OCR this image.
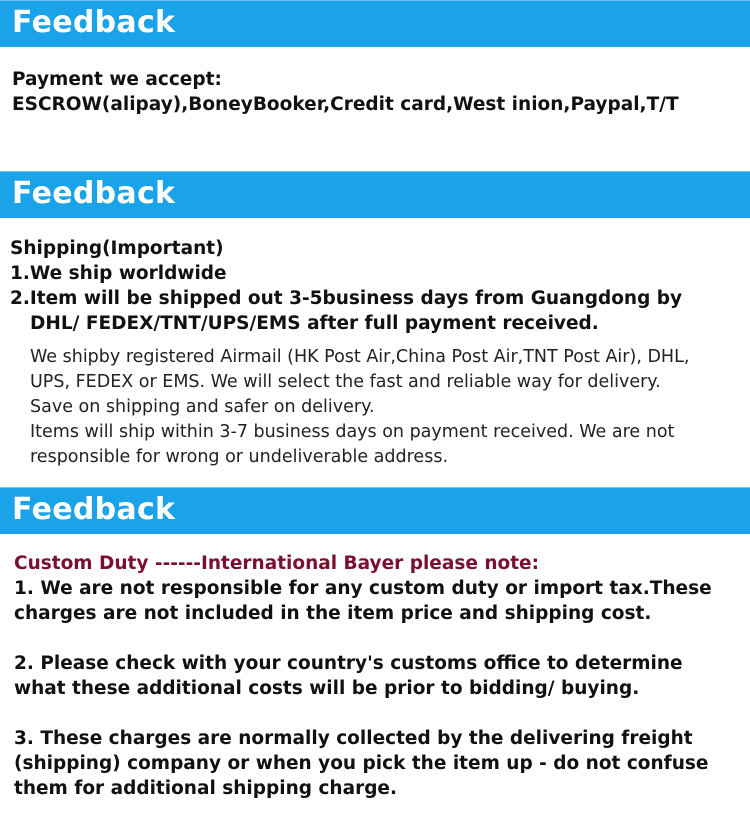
Feedback
Payment we accept:
ESCROW(alipay),BoneyBooker,Credit card,West inion,Paypal,T/T
Feedback
Shipping(Important)
1.We ship worldwide
2.Item will be shipped out 3-5business days from Guangdong by
DHL/ FEDEX/TNT/UPS/EMS after full payment received.
We shipby registered Airmail (HK Post Air,China Post Air,TNT Post Air), DHL,
UPS, FEDEX or EMS. We will select the fast and reliable way for delivery.
Save on shipping and safer on delivery.
Items will ship within 3-7 business days on payment received. We are not
responsible for wrong or undeliverable address.
Feedback
Custom Duty ------International Bayer please note:
1. We are not responsible for any custom duty or import tax.These
charges are not included in the item price and shipping cost.
2. Please check with your country's customs office to determine
what these additional costs will be prior to bidding/ buying.
3. These charges are normally collected by the delivering freight
(shipping) company or when you pick the item up - do not confuse
them for additional shipping charge.
